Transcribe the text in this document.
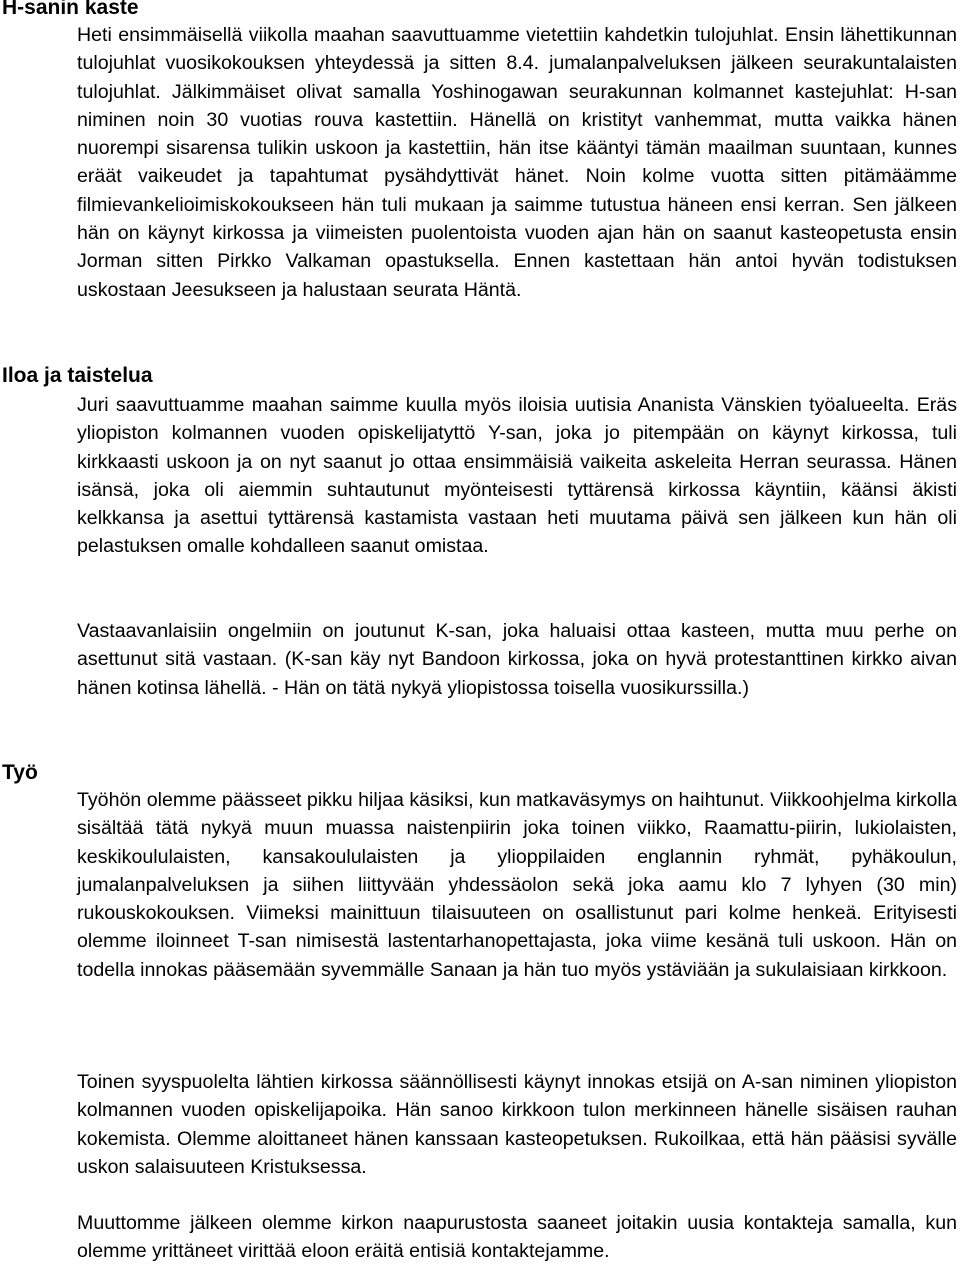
H-sanin kaste

Heti ensimmäisellä viikolla maahan saavuttuamme vietettiin kahdetkin tulojuhlat. Ensin lähettikunnan tulojuhlat vuosikokouksen yhteydessä ja sitten 8.4. jumalanpalveluksen jälkeen seurakuntalaisten tulojuhlat. Jälkimmäiset olivat samalla Yoshinogawan seurakunnan kolmannet kastejuhlat: H-san niminen noin 30 vuotias rouva kastettiin. Hänellä on kristityt vanhemmat, mutta vaikka hänen nuorempi sisarensa tulikin uskoon ja kastettiin, hän itse kääntyi tämän maailman suuntaan, kunnes eräät vaikeudet ja tapahtumat pysähdyttivät hänet. Noin kolme vuotta sitten pitämäämme filmievankelioimiskokoukseen hän tuli mukaan ja saimme tutustua häneen ensi kerran. Sen jälkeen hän on käynyt kirkossa ja viimeisten puolentoista vuoden ajan hän on saanut kasteopetusta ensin Jorman sitten Pirkko Valkaman opastuksella. Ennen kastettaan hän antoi hyvän todistuksen uskostaan Jeesukseen ja halustaan seurata Häntä.

Iloa ja taistelua

Juri saavuttuamme maahan saimme kuulla myös iloisia uutisia Ananista Vänskien työalueelta. Eräs yliopiston kolmannen vuoden opiskelijatyttö Y-san, joka jo pitempään on käynyt kirkossa, tuli kirkkaasti uskoon ja on nyt saanut jo ottaa ensimmäisiä vaikeita askeleita Herran seurassa. Hänen isänsä, joka oli aiemmin suhtautunut myönteisesti tyttärensä kirkossa käyntiin, käänsi äkisti kelkkansa ja asettui tyttärensä kastamista vastaan heti muutama päivä sen jälkeen kun hän oli pelastuksen omalle kohdalleen saanut omistaa.

Vastaavanlaisiin ongelmiin on joutunut K-san, joka haluaisi ottaa kasteen, mutta muu perhe on asettunut sitä vastaan. (K-san käy nyt Bandoon kirkossa, joka on hyvä protestanttinen kirkko aivan hänen kotinsa lähellä. - Hän on tätä nykyä yliopistossa toisella vuosikurssilla.)

Työ

Työhön olemme päässeet pikku hiljaa käsiksi, kun matkaväsymys on haihtunut. Viikkoohjelma kirkolla sisältää tätä nykyä muun muassa naistenpiirin joka toinen viikko, Raamattu-piirin, lukiolaisten, keskikoululaisten, kansakoululaisten ja ylioppilaiden englannin ryhmät, pyhäkoulun, jumalanpalveluksen ja siihen liittyvään yhdessäolon sekä joka aamu klo 7 lyhyen (30 min) rukouskokouksen. Viimeksi mainittuun tilaisuuteen on osallistunut pari kolme henkeä. Erityisesti olemme iloinneet T-san nimisestä lastentarhanopettajasta, joka viime kesänä tuli uskoon. Hän on todella innokas pääsemään syvemmälle Sanaan ja hän tuo myös ystäviään ja sukulaisiaan kirkkoon.

Toinen syyspuolelta lähtien kirkossa säännöllisesti käynyt innokas etsijä on A-san niminen yliopiston kolmannen vuoden opiskelijapoika. Hän sanoo kirkkoon tulon merkinneen hänelle sisäisen rauhan kokemista. Olemme aloittaneet hänen kanssaan kasteopetuksen. Rukoilkaa, että hän pääsisi syvälle uskon salaisuuteen Kristuksessa.

Muuttomme jälkeen olemme kirkon naapurustosta saaneet joitakin uusia kontakteja samalla, kun olemme yrittäneet virittää eloon eräitä entisiä kontaktejamme.
